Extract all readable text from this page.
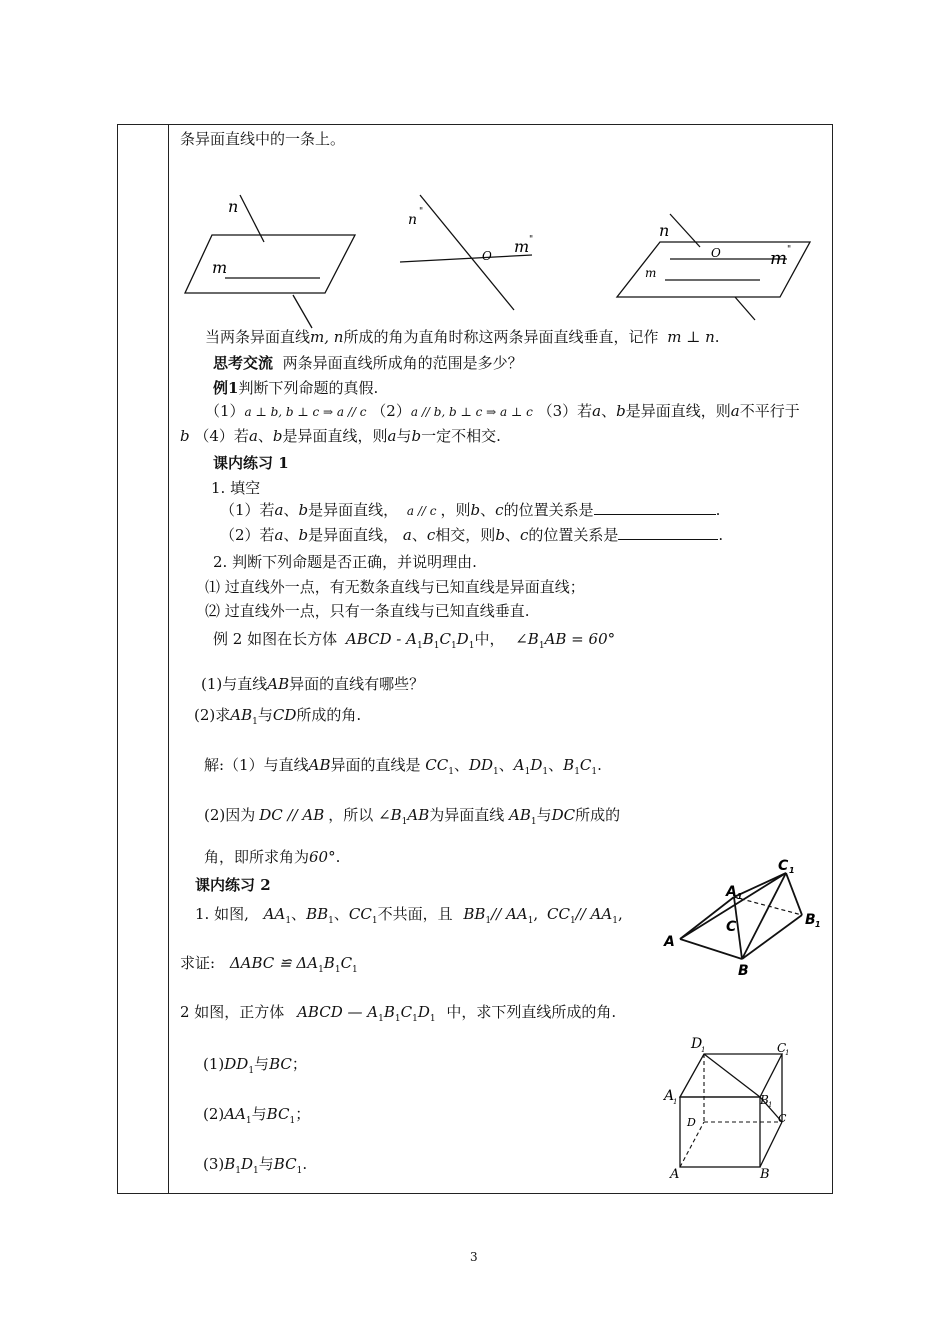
条异面直线中的一条上。
n
m
n "
O m "	n
O	m "
m
当两条异面直线m, n所成的角为直角时称这两条异面直线垂直，记作 m ⊥ n.
思考交流 两条异面直线所成角的范围是多少？
例1判断下列命题的真假.
（1）a ⊥ b, b ⊥ c ⇒ a // c （2）a // b, b ⊥ c ⇒ a ⊥ c （3）若a、b是异面直线，则a不平行于
b （4）若a、b是异面直线，则a与b一定不相交.
课内练习 1
1. 填空
（1）若a、b是异面直线， a // c ，则b、c的位置关系是	.
（2）若a、b是异面直线， a、c相交，则b、c的位置关系是	.
2. 判断下列命题是否正确，并说明理由.
⑴ 过直线外一点，有无数条直线与已知直线是异面直线；
⑵ 过直线外一点，只有一条直线与已知直线垂直.
例 2 如图在长方体 ABCD - $A_1B_1C_1D_1$中， $\angle B_1AB = 60^\circ$
(1)与直线AB异面的直线有哪些？
(2)求$AB_1$与CD所成的角.
解:（1）与直线AB异面的直线是 $CC_1$、$DD_1$、$A_1D_1$、$B_1C_1$.
(2)因为 DC // AB ，所以 $\angle B_1AB$为异面直线 $AB_1$与DC所成的
角，即所求角为60°.
课内练习 2
1. 如图, $AA_1$、$BB_1$、$CC_1$不共面，且 $BB_1//$ $AA_1$, $CC_1//$ $AA_1$,
求证: ΔABC ≌ $\Delta A_1B_1C_1$
2 如图，正方体 ABCD — $A_1B_1C_1D_1$ 中，求下列直线所成的角.
$(1)DD_1$与BC；
$(2)AA_1$与$BC_1$；
$(3)B_1D_1$与$BC_1$.
A
B
C
A 1
B 1
C 1
A	B
C
D
A
1	B 1
C
1
D
1
3
